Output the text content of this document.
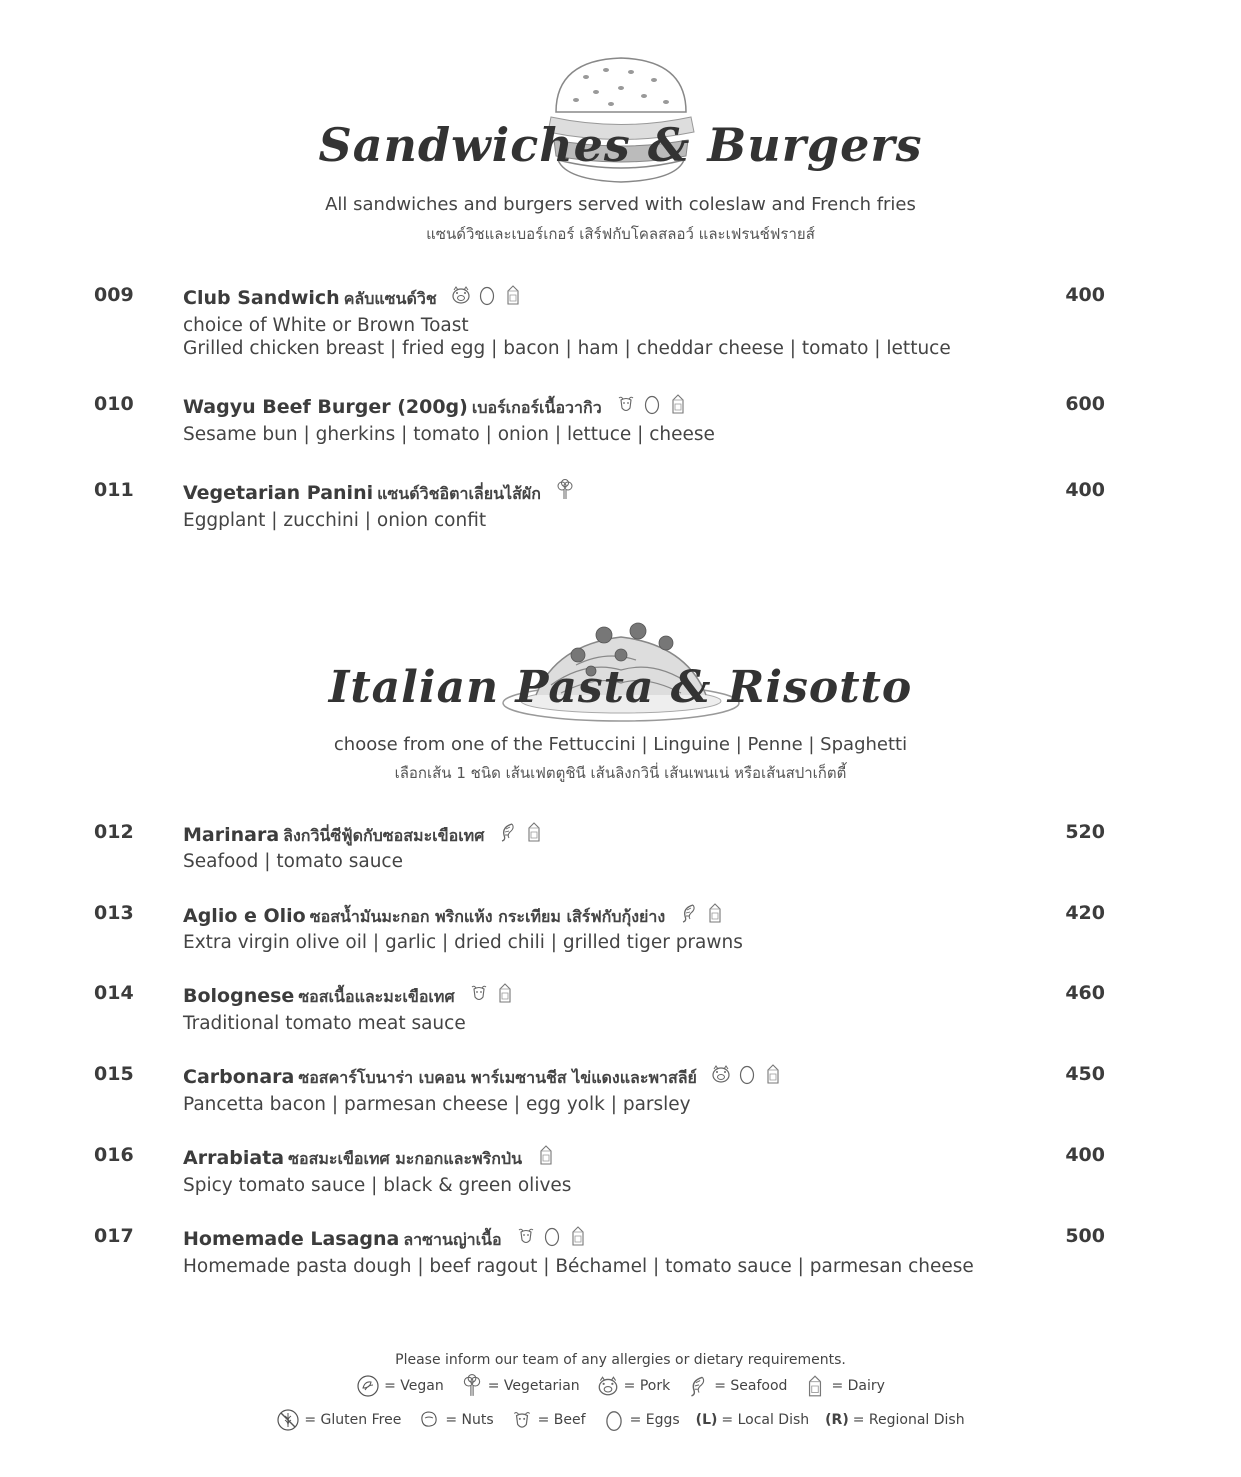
Sandwiches & Burgers
All sandwiches and burgers served with coleslaw and French fries
แซนด์วิชและเบอร์เกอร์ เสิร์ฟกับโคลสลอว์ และเฟรนช์ฟรายส์
009	Club Sandwich คลับแซนด์วิช	400
choice of White or Brown Toast
Grilled chicken breast | fried egg | bacon | ham | cheddar cheese | tomato | lettuce
010	Wagyu Beef Burger (200g) เบอร์เกอร์เนื้อวากิว	600
Sesame bun | gherkins | tomato | onion | lettuce | cheese
011	Vegetarian Panini แซนด์วิชอิตาเลี่ยนไส้ผัก	400
Eggplant | zucchini | onion confit
Italian Pasta & Risotto
choose from one of the Fettuccini | Linguine | Penne | Spaghetti
เลือกเส้น 1 ชนิด เส้นเฟตตูชินี เส้นลิงกวินี่ เส้นเพนเน่ หรือเส้นสปาเก็ตตี้
012	Marinara ลิงกวินี่ซีฟู้ดกับซอสมะเขือเทศ	520
Seafood | tomato sauce
013	Aglio e Olio ซอสน้ำมันมะกอก พริกแห้ง กระเทียม เสิร์ฟกับกุ้งย่าง	420
Extra virgin olive oil | garlic | dried chili | grilled tiger prawns
014	Bolognese ซอสเนื้อและมะเขือเทศ	460
Traditional tomato meat sauce
015	Carbonara ซอสคาร์โบนาร่า เบคอน พาร์เมซานชีส ไข่แดงและพาสลีย์	450
Pancetta bacon | parmesan cheese | egg yolk | parsley
016	Arrabiata ซอสมะเขือเทศ มะกอกและพริกป่น	400
Spicy tomato sauce | black & green olives
017	Homemade Lasagna ลาซานญ่าเนื้อ	500
Homemade pasta dough | beef ragout | Béchamel | tomato sauce | parmesan cheese
Please inform our team of any allergies or dietary requirements.
= Vegan	= Vegetarian	= Pork	= Seafood	= Dairy
= Gluten Free	= Nuts	= Beef	= Eggs (L) = Local Dish (R) = Regional Dish
